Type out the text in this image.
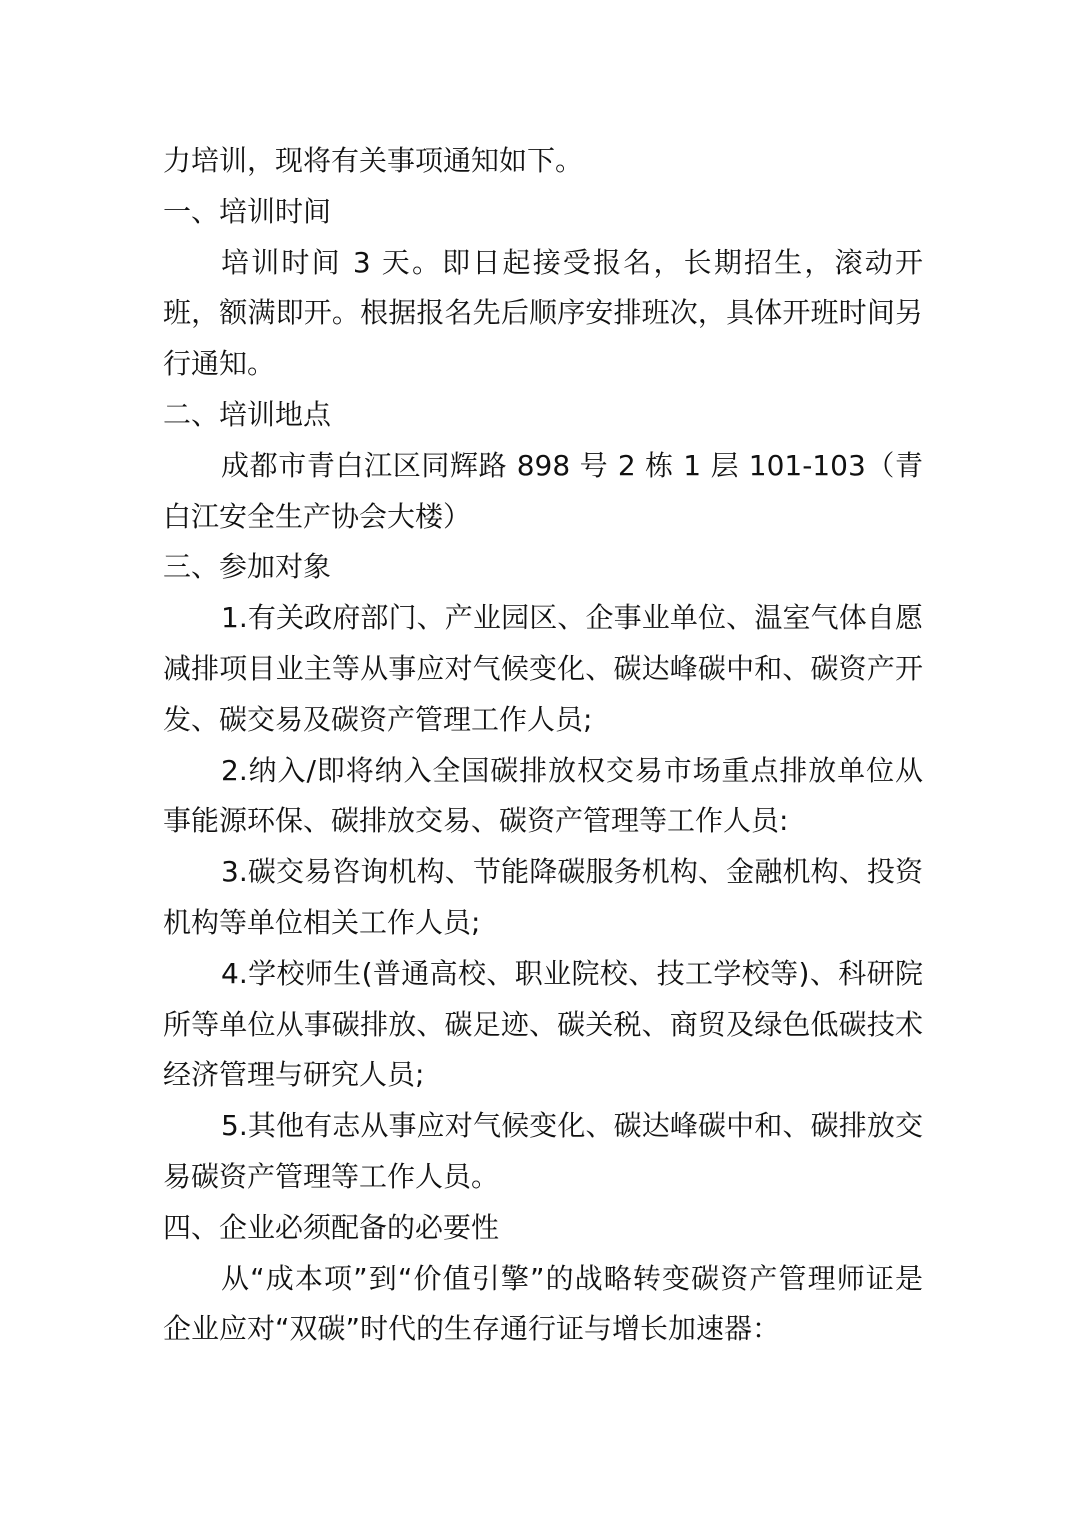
力培训，现将有关事项通知如下。

一、培训时间

培训时间 3 天。即日起接受报名，长期招生，滚动开班，额满即开。根据报名先后顺序安排班次，具体开班时间另行通知。

二、培训地点

成都市青白江区同辉路 898 号 2 栋 1 层 101-103（青白江安全生产协会大楼）

三、参加对象

1.有关政府部门、产业园区、企事业单位、温室气体自愿减排项目业主等从事应对气候变化、碳达峰碳中和、碳资产开发、碳交易及碳资产管理工作人员;

2.纳入/即将纳入全国碳排放权交易市场重点排放单位从事能源环保、碳排放交易、碳资产管理等工作人员:

3.碳交易咨询机构、节能降碳服务机构、金融机构、投资机构等单位相关工作人员;

4.学校师生(普通高校、职业院校、技工学校等)、科研院所等单位从事碳排放、碳足迹、碳关税、商贸及绿色低碳技术经济管理与研究人员;

5.其他有志从事应对气候变化、碳达峰碳中和、碳排放交易碳资产管理等工作人员。

四、企业必须配备的必要性

从“成本项”到“价值引擎”的战略转变碳资产管理师证是企业应对“双碳”时代的生存通行证与增长加速器：
